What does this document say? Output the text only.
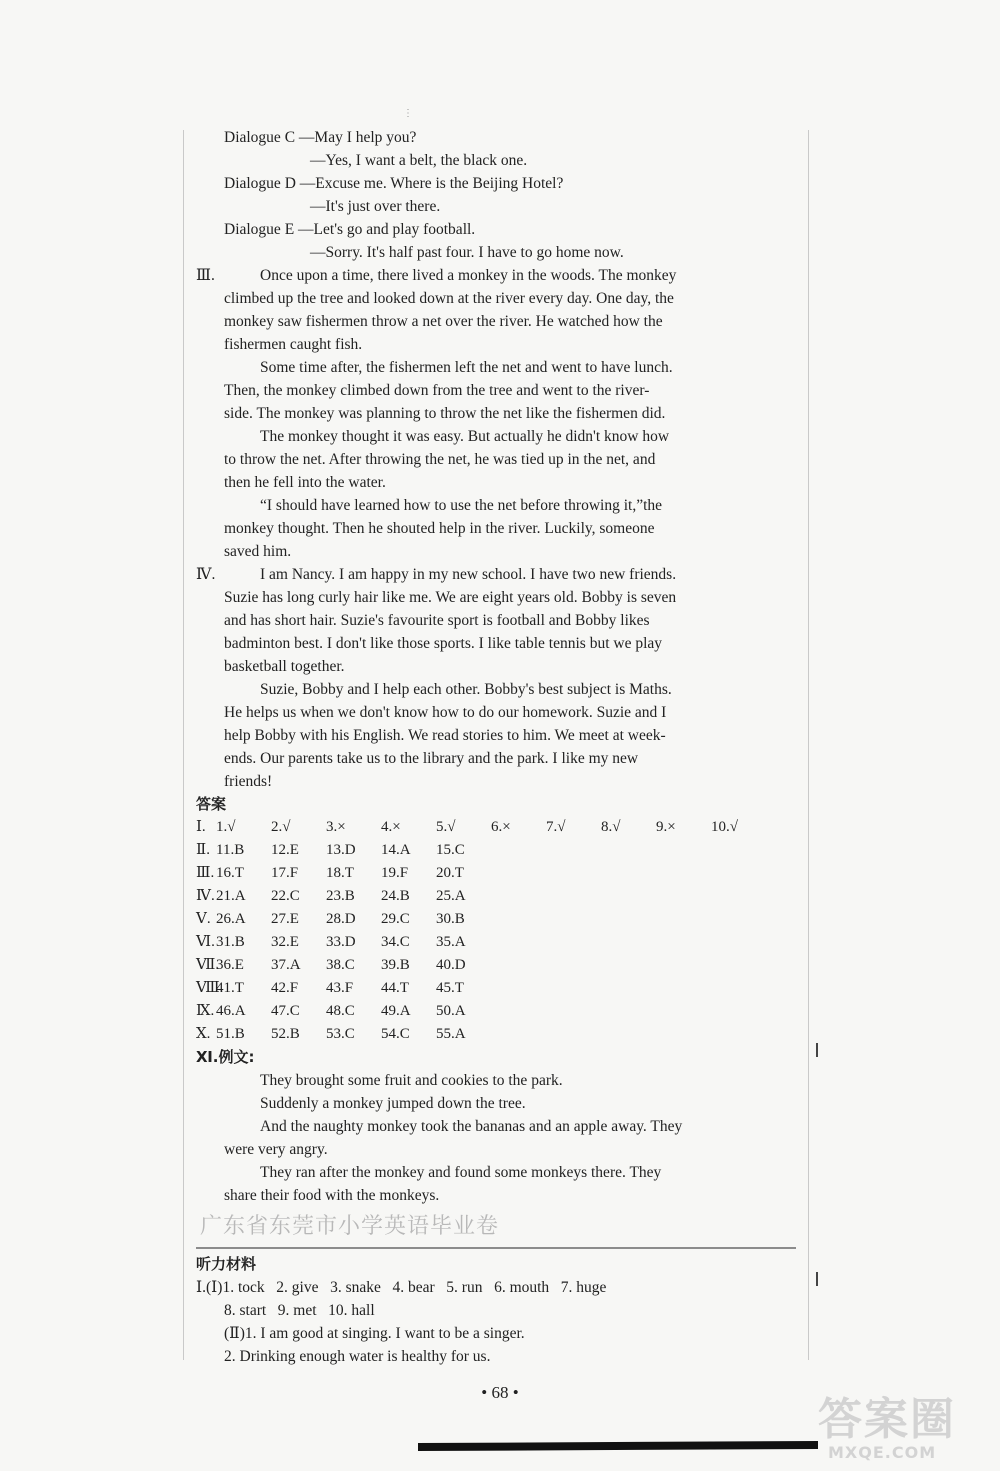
⋮
Dialogue C —May I help you?
—Yes, I want a belt, the black one.
Dialogue D —Excuse me. Where is the Beijing Hotel?
—It's just over there.
Dialogue E —Let's go and play football.
—Sorry. It's half past four. I have to go home now.
Ⅲ.	Once upon a time, there lived a monkey in the woods. The monkey
climbed up the tree and looked down at the river every day. One day, the
monkey saw fishermen throw a net over the river. He watched how the
fishermen caught fish.
Some time after, the fishermen left the net and went to have lunch.
Then, the monkey climbed down from the tree and went to the river-
side. The monkey was planning to throw the net like the fishermen did.
The monkey thought it was easy. But actually he didn't know how
to throw the net. After throwing the net, he was tied up in the net, and
then he fell into the water.
“I should have learned how to use the net before throwing it,”the
monkey thought. Then he shouted help in the river. Luckily, someone
saved him.
Ⅳ.	I am Nancy. I am happy in my new school. I have two new friends.
Suzie has long curly hair like me. We are eight years old. Bobby is seven
and has short hair. Suzie's favourite sport is football and Bobby likes
badminton best. I don't like those sports. I like table tennis but we play
basketball together.
Suzie, Bobby and I help each other. Bobby's best subject is Maths.
He helps us when we don't know how to do our homework. Suzie and I
help Bobby with his English. We read stories to him. We meet at week-
ends. Our parents take us to the library and the park. I like my new
friends!
答案
Ⅰ. 1.√ 2.√ 3.× 4.× 5.√ 6.× 7.√ 8.√ 9.× 10.√
Ⅱ. 11.B 12.E 13.D 14.A 15.C
Ⅲ. 16.T 17.F 18.T 19.F 20.T
Ⅳ.21.A 22.C 23.B 24.B 25.A
Ⅴ. 26.A 27.E 28.D 29.C 30.B
Ⅵ.31.B 32.E 33.D 34.C 35.A
Ⅶ.36.E 37.A 38.C 39.B 40.D
Ⅷ.41.T 42.F 43.F 44.T 45.T
Ⅸ. 46.A 47.C 48.C 49.A 50.A
Ⅹ. 51.B 52.B 53.C 54.C 55.A
Ⅺ.例文:
They brought some fruit and cookies to the park.
Suddenly a monkey jumped down the tree.
And the naughty monkey took the bananas and an apple away. They
were very angry.
They ran after the monkey and found some monkeys there. They
share their food with the monkeys.
广东省东莞市小学英语毕业卷
听力材料
Ⅰ.(Ⅰ)1. tock   2. give   3. snake   4. bear   5. run   6. mouth   7. huge
8. start   9. met   10. hall
(Ⅱ)1. I am good at singing. I want to be a singer.
2. Drinking enough water is healthy for us.
• 68 •
答案圈
MXQE.COM
